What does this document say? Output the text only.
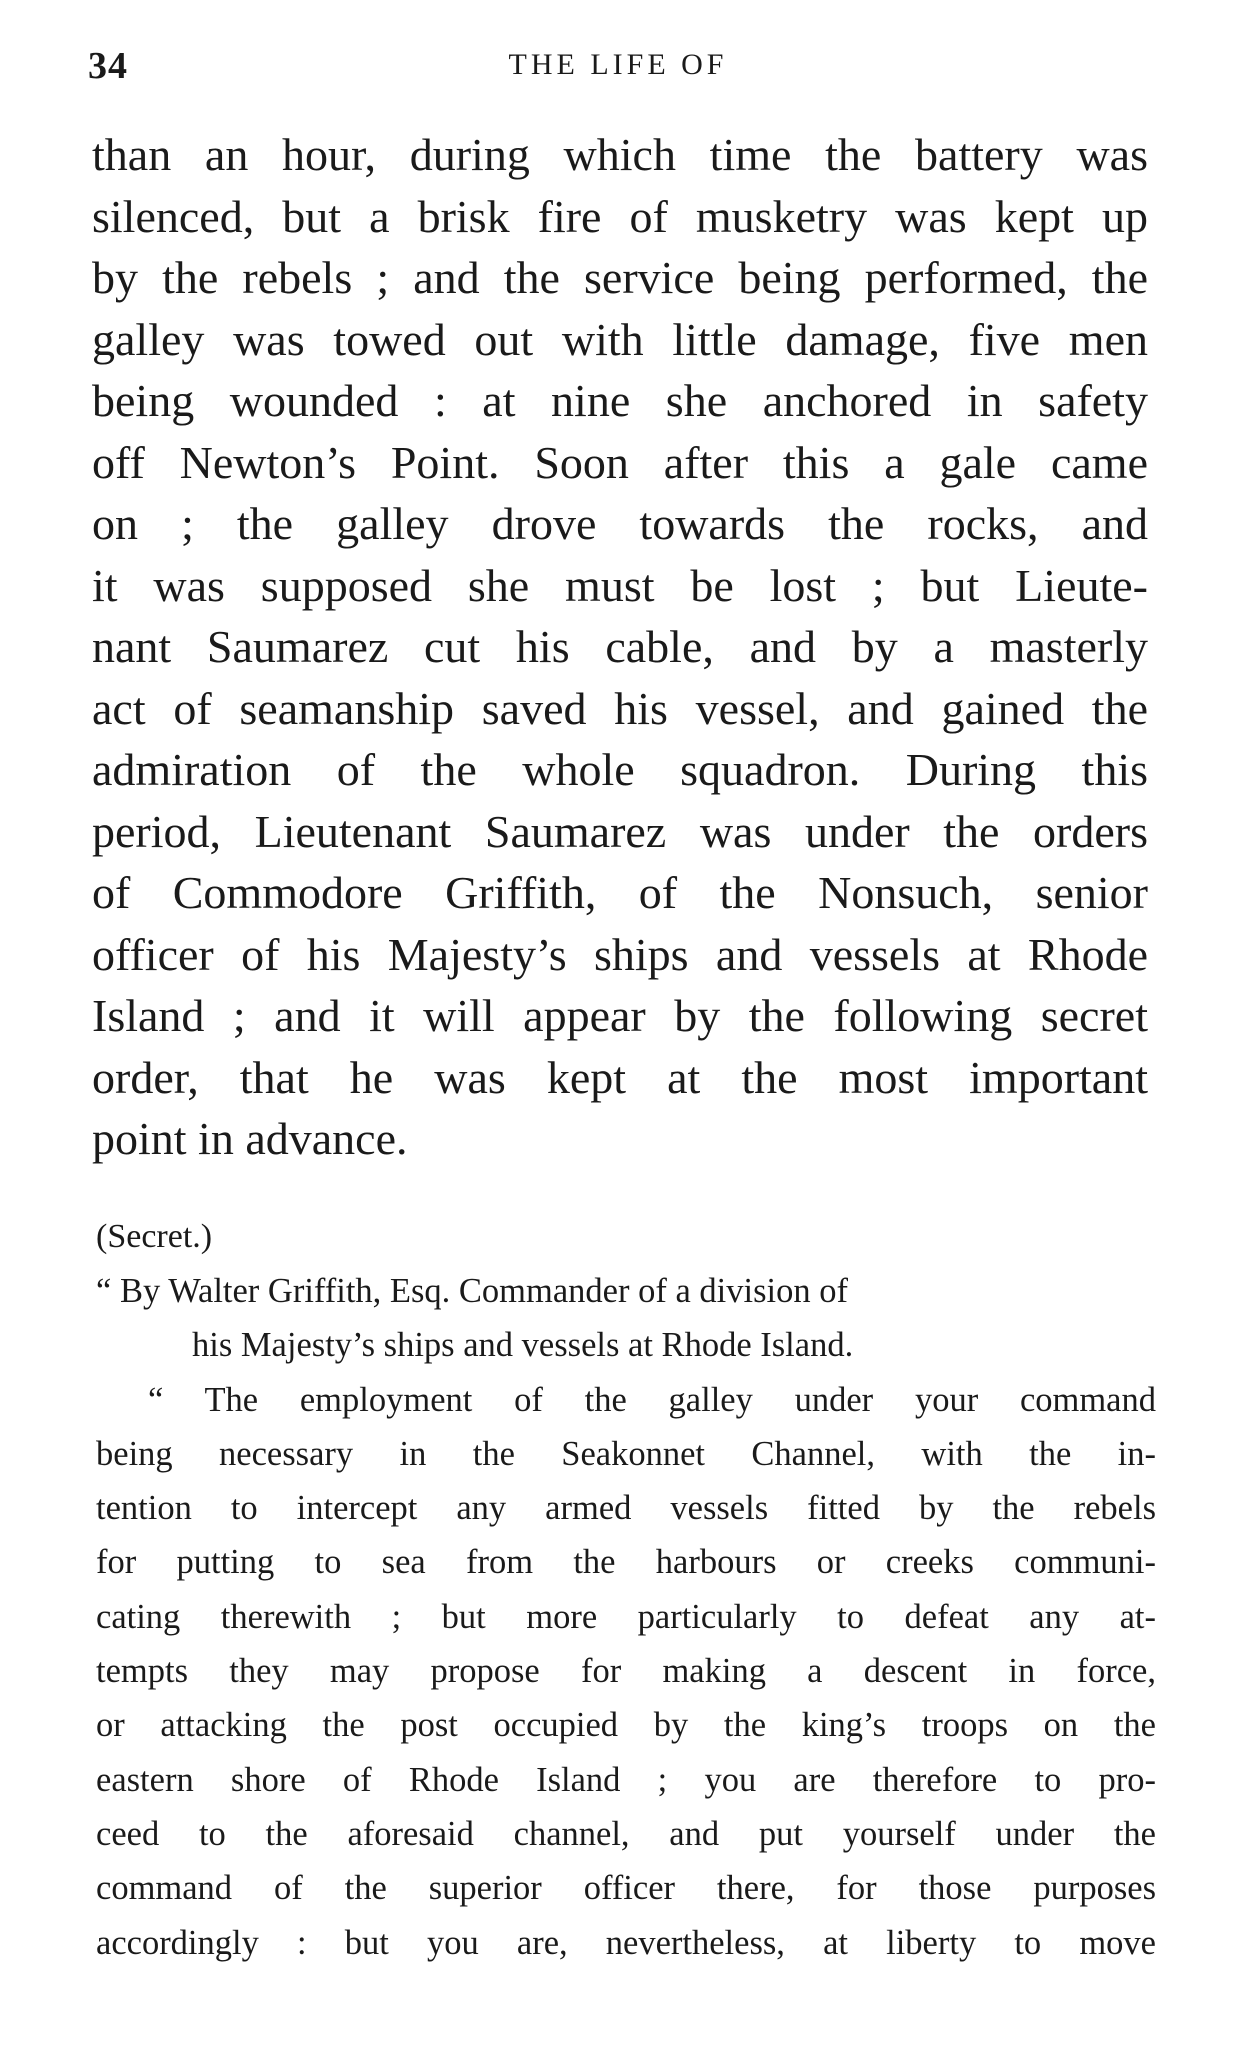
34	THE LIFE OF
than an hour, during which time the battery was
silenced, but a brisk fire of musketry was kept up
by the rebels ; and the service being performed, the
galley was towed out with little damage, five men
being wounded : at nine she anchored in safety
off Newton’s Point. Soon after this a gale came
on ; the galley drove towards the rocks, and
it was supposed she must be lost ; but Lieute-
nant Saumarez cut his cable, and by a masterly
act of seamanship saved his vessel, and gained the
admiration of the whole squadron. During this
period, Lieutenant Saumarez was under the orders
of Commodore Griffith, of the Nonsuch, senior
officer of his Majesty’s ships and vessels at Rhode
Island ; and it will appear by the following secret
order, that he was kept at the most important
point in advance.
(Secret.)
“ By Walter Griffith, Esq. Commander of a division of
his Majesty’s ships and vessels at Rhode Island.
“ The employment of the galley under your command
being necessary in the Seakonnet Channel, with the in-
tention to intercept any armed vessels fitted by the rebels
for putting to sea from the harbours or creeks communi-
cating therewith ; but more particularly to defeat any at-
tempts they may propose for making a descent in force,
or attacking the post occupied by the king’s troops on the
eastern shore of Rhode Island ; you are therefore to pro-
ceed to the aforesaid channel, and put yourself under the
command of the superior officer there, for those purposes
accordingly : but you are, nevertheless, at liberty to move
